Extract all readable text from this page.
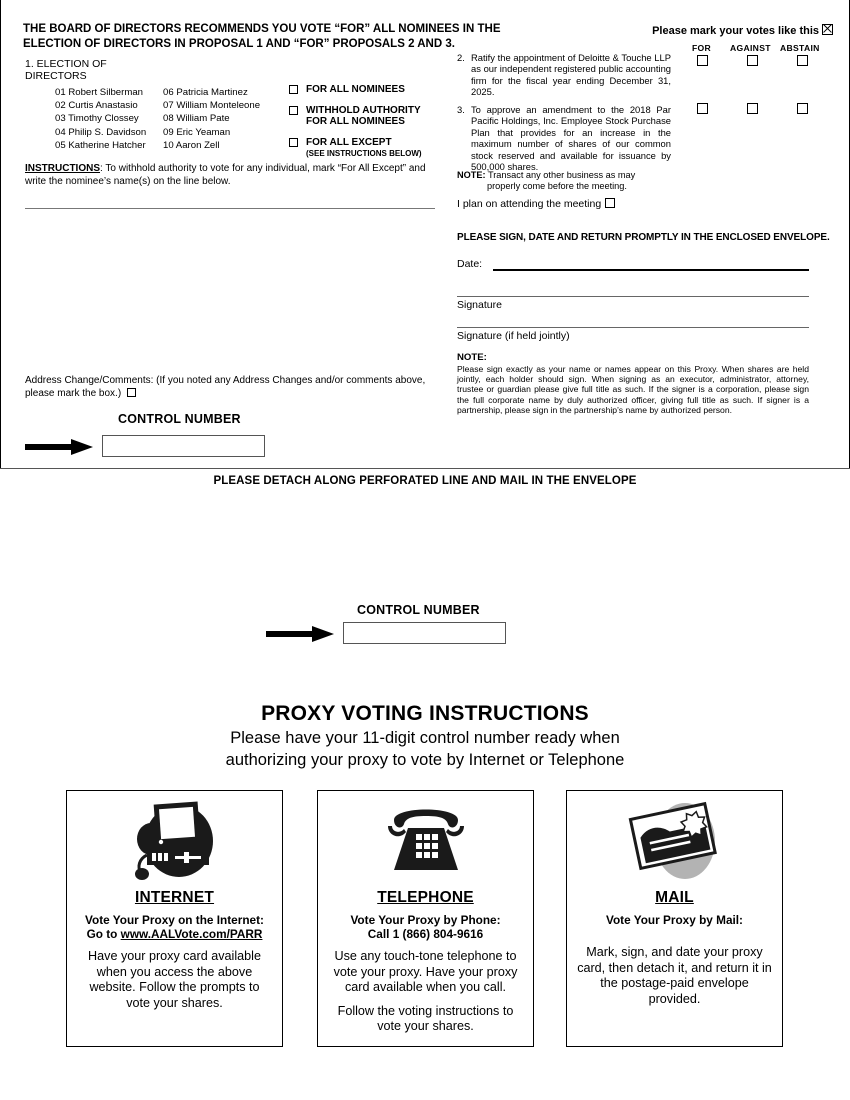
THE BOARD OF DIRECTORS RECOMMENDS YOU VOTE “FOR” ALL NOMINEES IN THE
ELECTION OF DIRECTORS IN PROPOSAL 1 AND “FOR” PROPOSALS 2 AND 3.
Please mark your votes like this
1. ELECTION OF
DIRECTORS
01 Robert Silberman	06 Patricia Martinez
02 Curtis Anastasio	07 William Monteleone
03 Timothy Clossey	08 William Pate
04 Philip S. Davidson	09 Eric Yeaman
05 Katherine Hatcher	10 Aaron Zell
FOR ALL NOMINEES
WITHHOLD AUTHORITY
FOR ALL NOMINEES
FOR ALL EXCEPT
(SEE INSTRUCTIONS BELOW)
INSTRUCTIONS: To withhold authority to vote for any individual, mark “For All Except” and write the nominee’s name(s) on the line below.
FOR AGAINST ABSTAIN
2. Ratify the appointment of Deloitte & Touche LLP as our independent registered public accounting firm for the fiscal year ending December 31, 2025.
3. To approve an amendment to the 2018 Par Pacific Holdings, Inc. Employee Stock Purchase Plan that provides for an increase in the maximum number of shares of our common stock reserved and available for issuance by 500,000 shares.
NOTE: Transact any other business as may
properly come before the meeting.
I plan on attending the meeting
PLEASE SIGN, DATE AND RETURN PROMPTLY IN THE ENCLOSED ENVELOPE.
Date:
Signature
Signature (if held jointly)
NOTE:
Please sign exactly as your name or names appear on this Proxy. When shares are held jointly, each holder should sign. When signing as an executor, administrator, attorney, trustee or guardian please give full title as such. If the signer is a corporation, please sign the full corporate name by duly authorized officer, giving full title as such. If signer is a partnership, please sign in the partnership’s name by authorized person.
Address Change/Comments: (If you noted any Address Changes and/or comments above, please mark the box.)
CONTROL NUMBER
PLEASE DETACH ALONG PERFORATED LINE AND MAIL IN THE ENVELOPE
CONTROL NUMBER
PROXY VOTING INSTRUCTIONS
Please have your 11-digit control number ready when
authorizing your proxy to vote by Internet or Telephone
INTERNET
Vote Your Proxy on the Internet:
Go to www.AALVote.com/PARR

Have your proxy card available when you access the above website. Follow the prompts to vote your shares.

TELEPHONE
Vote Your Proxy by Phone:
Call 1 (866) 804-9616

Use any touch-tone telephone to vote your proxy. Have your proxy card available when you call.

Follow the voting instructions to vote your shares.

MAIL
Vote Your Proxy by Mail:

Mark, sign, and date your proxy card, then detach it, and return it in the postage-paid envelope provided.
